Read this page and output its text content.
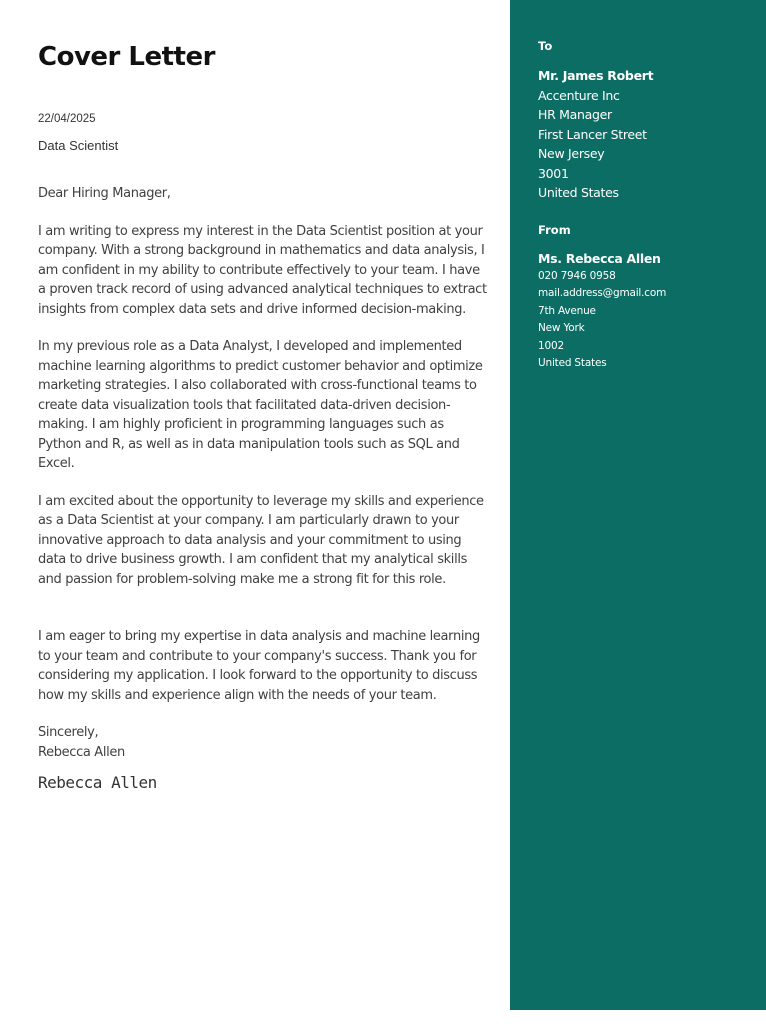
Cover Letter
22/04/2025
Data Scientist
Dear Hiring Manager,
I am writing to express my interest in the Data Scientist position at your company. With a strong background in mathematics and data analysis, I am confident in my ability to contribute effectively to your team. I have a proven track record of using advanced analytical techniques to extract insights from complex data sets and drive informed decision-making.
In my previous role as a Data Analyst, I developed and implemented machine learning algorithms to predict customer behavior and optimize marketing strategies. I also collaborated with cross-functional teams to create data visualization tools that facilitated data-driven decision-making. I am highly proficient in programming languages such as Python and R, as well as in data manipulation tools such as SQL and Excel.
I am excited about the opportunity to leverage my skills and experience as a Data Scientist at your company. I am particularly drawn to your innovative approach to data analysis and your commitment to using data to drive business growth. I am confident that my analytical skills and passion for problem-solving make me a strong fit for this role.
I am eager to bring my expertise in data analysis and machine learning to your team and contribute to your company's success. Thank you for considering my application. I look forward to the opportunity to discuss how my skills and experience align with the needs of your team.
Sincerely,
Rebecca Allen
Rebecca Allen
To
Mr. James Robert
Accenture Inc
HR Manager
First Lancer Street
New Jersey
3001
United States
From
Ms. Rebecca Allen
020 7946 0958
mail.address@gmail.com
7th Avenue
New York
1002
United States
